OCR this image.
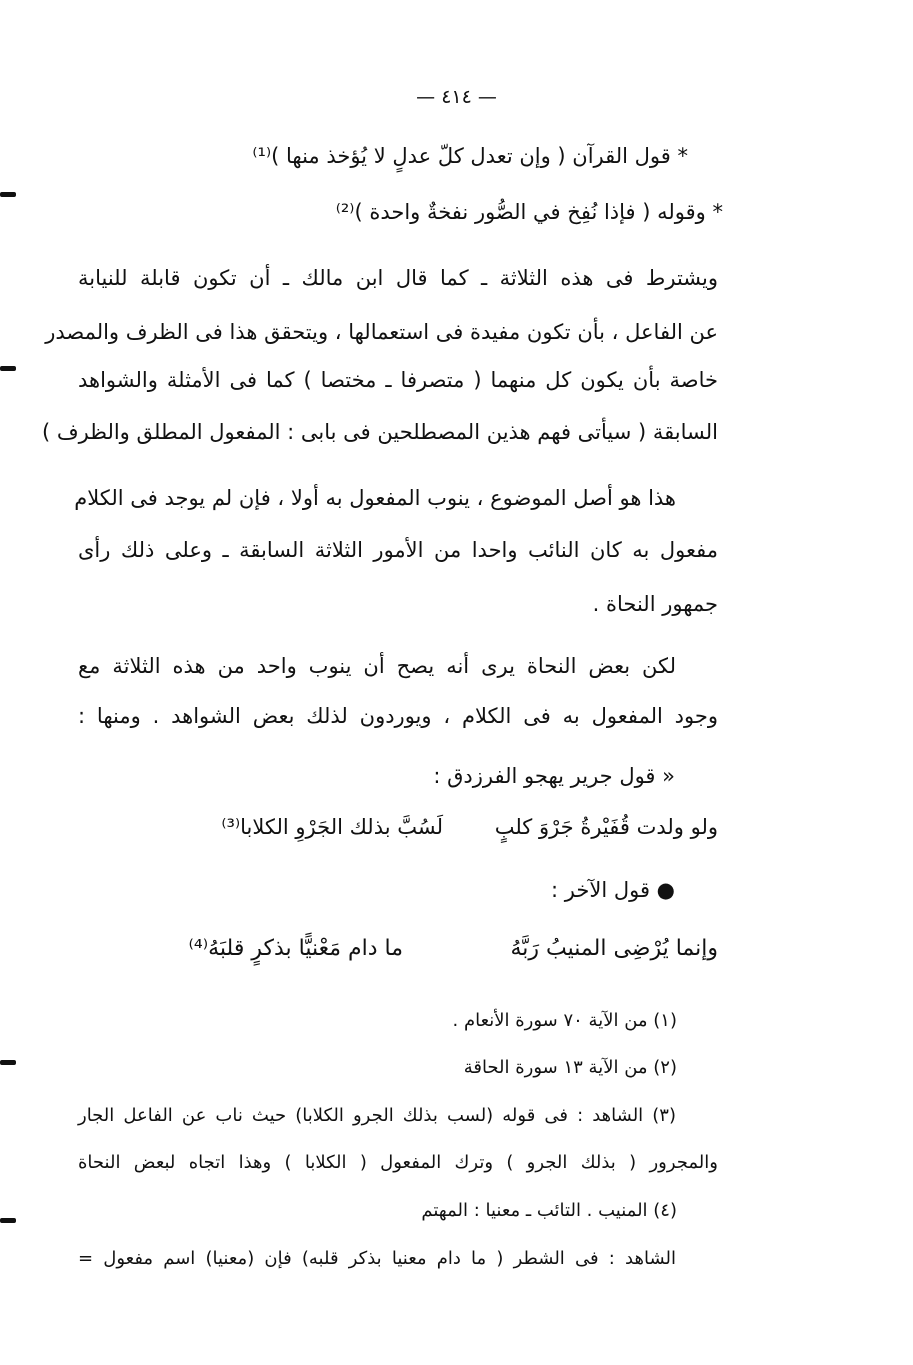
— ٤١٤ —
* قول القرآن ( وإن تعدل كلّ عدلٍ لا يُؤخذ منها )⁽¹⁾
* وقوله ( فإذا نُفِخ في الصُّور نفخةٌ واحدة )⁽²⁾
ويشترط فى هذه الثلاثة ـ كما قال ابن مالك ـ أن تكون قابلة للنيابة
عن الفاعل ، بأن تكون مفيدة فى استعمالها ، ويتحقق هذا فى الظرف والمصدر
خاصة بأن يكون كل منهما ( متصرفا ـ مختصا ) كما فى الأمثلة والشواهد
السابقة ( سيأتى فهم هذين المصطلحين فى بابى : المفعول المطلق والظرف )
هذا هو أصل الموضوع ، ينوب المفعول به أولا ، فإن لم يوجد فى الكلام
مفعول به كان النائب واحدا من الأمور الثلاثة السابقة ـ وعلى ذلك رأى
جمهور النحاة .
لكن بعض النحاة يرى أنه يصح أن ينوب واحد من هذه الثلاثة مع
وجود المفعول به فى الكلام ، ويوردون لذلك بعض الشواهد . ومنها :
« قول جرير يهجو الفرزدق :
ولو ولدت قُفَيْرةُ جَرْوَ كلبٍ
لَسُبَّ بذلك الجَرْوِ الكلابا⁽³⁾
● قول الآخر :
وإنما يُرْضِى المنيبُ رَبَّهُ
ما دام مَعْنيًّا بذكرٍ قلبَهُ⁽⁴⁾
(١) من الآية ٧٠ سورة الأنعام .
(٢) من الآية ١٣ سورة الحاقة
(٣) الشاهد : فى قوله (لسب بذلك الجرو الكلابا) حيث ناب عن الفاعل الجار
والمجرور ( بذلك الجرو ) وترك المفعول ( الكلابا ) وهذا اتجاه لبعض النحاة
(٤) المنيب . التائب ـ معنيا : المهتم
الشاهد : فى الشطر ( ما دام معنيا بذكر قلبه) فإن (معنيا) اسم مفعول =
